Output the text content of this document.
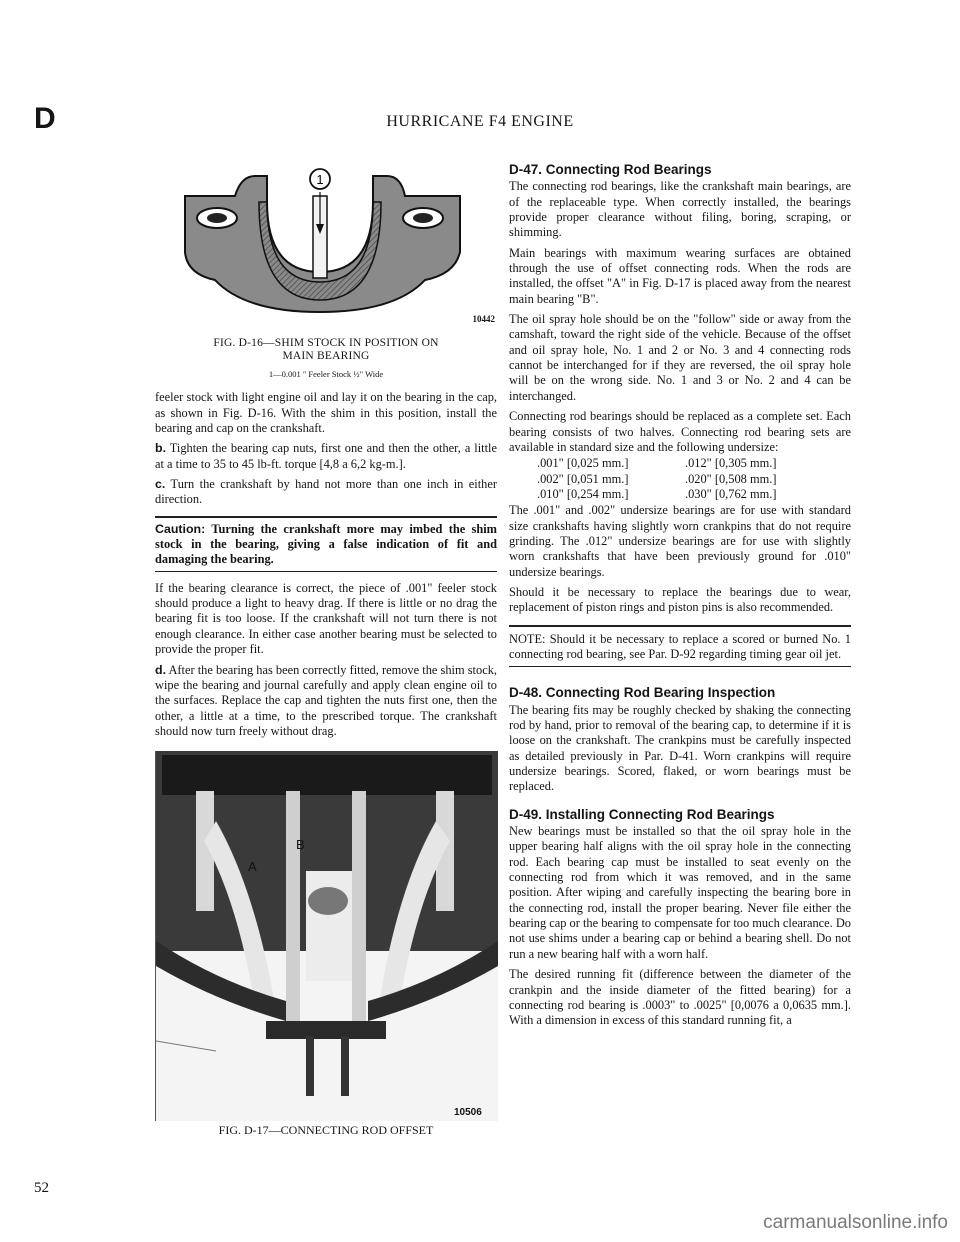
D	HURRICANE F4 ENGINE
1
10442
FIG. D-16—SHIM STOCK IN POSITION ON
MAIN BEARING
1—0.001 " Feeler Stock ½" Wide

feeler stock with light engine oil and lay it on the bearing in the cap, as shown in Fig. D-16. With the shim in this position, install the bearing and cap on the crankshaft.

b. Tighten the bearing cap nuts, first one and then the other, a little at a time to 35 to 45 lb-ft. torque [4,8 a 6,2 kg-m.].

c. Turn the crankshaft by hand not more than one inch in either direction.

Caution: Turning the crankshaft more may imbed the shim stock in the bearing, giving a false indication of fit and damaging the bearing.

If the bearing clearance is correct, the piece of .001" feeler stock should produce a light to heavy drag. If there is little or no drag the bearing fit is too loose. If the crankshaft will not turn there is not enough clearance. In either case another bearing must be selected to provide the proper fit.

d. After the bearing has been correctly fitted, remove the shim stock, wipe the bearing and journal carefully and apply clean engine oil to the surfaces. Replace the cap and tighten the nuts first one, then the other, a little at a time, to the prescribed torque. The crankshaft should now turn freely without drag.

A
B
10506
FIG. D-17—CONNECTING ROD OFFSET
D-47. Connecting Rod Bearings

The connecting rod bearings, like the crankshaft main bearings, are of the replaceable type. When correctly installed, the bearings provide proper clearance without filing, boring, scraping, or shimming.

Main bearings with maximum wearing surfaces are obtained through the use of offset connecting rods. When the rods are installed, the offset "A" in Fig. D-17 is placed away from the nearest main bearing "B".

The oil spray hole should be on the "follow" side or away from the camshaft, toward the right side of the vehicle. Because of the offset and oil spray hole, No. 1 and 2 or No. 3 and 4 connecting rods cannot be interchanged for if they are reversed, the oil spray hole will be on the wrong side. No. 1 and 3 or No. 2 and 4 can be interchanged.

Connecting rod bearings should be replaced as a complete set. Each bearing consists of two halves. Connecting rod bearing sets are available in standard size and the following undersize:

.001" [0,025 mm.]	.012" [0,305 mm.]
.002" [0,051 mm.]	.020" [0,508 mm.]
.010" [0,254 mm.]	.030" [0,762 mm.]

The .001" and .002" undersize bearings are for use with standard size crankshafts having slightly worn crankpins that do not require grinding. The .012" undersize bearings are for use with slightly worn crankshafts that have been previously ground for .010" undersize bearings.

Should it be necessary to replace the bearings due to wear, replacement of piston rings and piston pins is also recommended.

NOTE: Should it be necessary to replace a scored or burned No. 1 connecting rod bearing, see Par. D-92 regarding timing gear oil jet.
D-48. Connecting Rod Bearing Inspection

The bearing fits may be roughly checked by shaking the connecting rod by hand, prior to removal of the bearing cap, to determine if it is loose on the crankshaft. The crankpins must be carefully inspected as detailed previously in Par. D-41. Worn crankpins will require undersize bearings. Scored, flaked, or worn bearings must be replaced.

D-49. Installing Connecting Rod Bearings

New bearings must be installed so that the oil spray hole in the upper bearing half aligns with the oil spray hole in the connecting rod. Each bearing cap must be installed to seat evenly on the connecting rod from which it was removed, and in the same position. After wiping and carefully inspecting the bearing bore in the connecting rod, install the proper bearing. Never file either the bearing cap or the bearing to compensate for too much clearance. Do not use shims under a bearing cap or behind a bearing shell. Do not run a new bearing half with a worn half.

The desired running fit (difference between the diameter of the crankpin and the inside diameter of the fitted bearing) for a connecting rod bearing is .0003" to .0025" [0,0076 a 0,0635 mm.]. With a dimension in excess of this standard running fit, a

52
carmanualsonline.info
